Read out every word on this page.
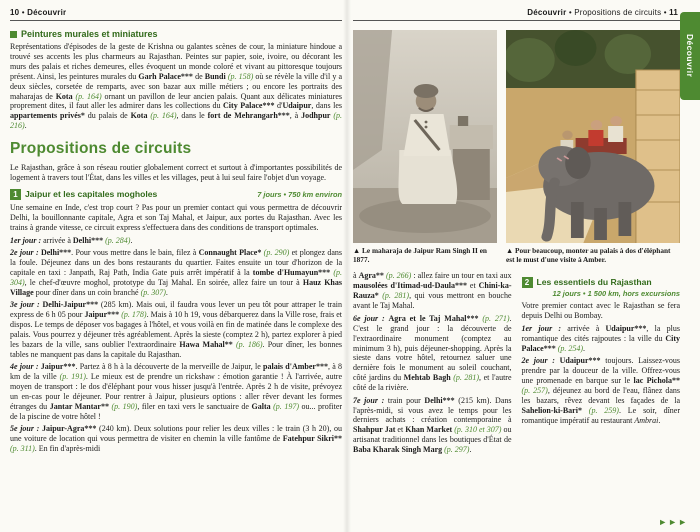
10 • Découvrir
Peintures murales et miniatures

Représentations d'épisodes de la geste de Krishna ou galantes scènes de cour, la miniature hindoue a trouvé ses accents les plus charmeurs au Rajasthan. Peintes sur papier, soie, ivoire, ou décorant les murs des palais et riches demeures, elles évoquent un monde coloré et vivant au pittoresque toujours présent. Ainsi, les peintures murales du Garh Palace*** de Bundi (p. 158) où se révèle la ville d'il y a deux siècles, corsetée de remparts, avec son bazar aux mille métiers ; ou encore les portraits des maharajas de Kota (p. 164) ornant un pavillon de leur ancien palais. Quant aux délicates miniatures proprement dites, il faut aller les admirer dans les collections du City Palace*** d'Udaipur, dans les appartements privés* du palais de Kota (p. 164), dans le fort de Mehrangarh***, à Jodhpur (p. 216).

Propositions de circuits

Le Rajasthan, grâce à son réseau routier globalement correct et surtout à d'importantes possibilités de logement à travers tout l'État, dans les villes et les villages, peut à lui seul faire l'objet d'un voyage.

1 Jaipur et les capitales mogholes	7 jours • 750 km environ

Une semaine en Inde, c'est trop court ? Pas pour un premier contact qui vous permettra de découvrir Delhi, la bouillonnante capitale, Agra et son Taj Mahal, et Jaipur, aux portes du Rajasthan. Avec les trains à grande vitesse, ce circuit express s'effectuera dans des conditions de transport optimales.

1er jour : arrivée à Delhi*** (p. 284).

2e jour : Delhi***. Pour vous mettre dans le bain, filez à Connaught Place* (p. 290) et plongez dans la foule. Déjeunez dans un des bons restaurants du quartier. Faites ensuite un tour d'horizon de la capitale en taxi : Janpath, Raj Path, India Gate puis arrêt impératif à la tombe d'Humayun*** (p. 304), le chef-d'œuvre moghol, prototype du Taj Mahal. En soirée, allez faire un tour à Hauz Khas Village pour dîner dans un coin branché (p. 307).

3e jour : Delhi-Jaipur*** (285 km). Mais oui, il faudra vous lever un peu tôt pour attraper le train express de 6 h 05 pour Jaipur*** (p. 178). Mais à 10 h 19, vous débarquerez dans la Ville rose, frais et dispos. Le temps de déposer vos bagages à l'hôtel, et vous voilà en fin de matinée dans le complexe des palais. Vous pourrez y déjeuner très agréablement. Après la sieste (comptez 2 h), partez explorer à pied les bazars de la ville, sans oublier l'extraordinaire Hawa Mahal** (p. 186). Pour dîner, les bonnes tables ne manquent pas dans la capitale du Rajasthan.

4e jour : Jaipur***. Partez à 8 h à la découverte de la merveille de Jaipur, le palais d'Amber***, à 8 km de la ville (p. 191). Le mieux est de prendre un rickshaw : émotion garantie ! À l'arrivée, autre moyen de transport : le dos d'éléphant pour vous hisser jusqu'à l'entrée. Après 2 h de visite, prévoyez un en-cas pour le déjeuner. Pour rentrer à Jaipur, plusieurs options : aller rêver devant les formes étranges du Jantar Mantar** (p. 190), filer en taxi vers le sanctuaire de Galta (p. 197) ou... profiter de la piscine de votre hôtel !

5e jour : Jaipur-Agra*** (240 km). Deux solutions pour relier les deux villes : le train (3 h 20), ou une voiture de location qui vous permettra de visiter en chemin la ville fantôme de Fatehpur Sikri** (p. 311). En fin d'après-midi

Découvrir • Propositions de circuits • 11
▲ Le maharaja de Jaipur Ram Singh II en 1877.
▲ Pour beaucoup, monter au palais à dos d'éléphant est le must d'une visite à Amber.

à Agra** (p. 266) : allez faire un tour en taxi aux mausolées d'Itimad-ud-Daula*** et Chini-ka-Rauza* (p. 281), qui vous mettront en bouche avant le Taj Mahal.

6e jour : Agra et le Taj Mahal*** (p. 271). C'est le grand jour : la découverte de l'extraordinaire monument (comptez au minimum 3 h), puis déjeuner-shopping. Après la sieste dans votre hôtel, retournez saluer une dernière fois le monument au soleil couchant, côté jardins du Mehtab Bagh (p. 281), et l'autre côté de la rivière.

7e jour : train pour Delhi*** (215 km). Dans l'après-midi, si vous avez le temps pour les derniers achats : création contemporaine à Shahpur Jat et Khan Market (p. 310 et 307) ou artisanat traditionnel dans les boutiques d'État de Baba Kharak Singh Marg (p. 297).

2 Les essentiels du Rajasthan
12 jours • 1 500 km, hors excursions

Votre premier contact avec le Rajasthan se fera depuis Delhi ou Bombay.

1er jour : arrivée à Udaipur***, la plus romantique des cités rajpoutes : la ville du City Palace*** (p. 254).

2e jour : Udaipur*** toujours. Laissez-vous prendre par la douceur de la ville. Offrez-vous une promenade en barque sur le lac Pichola** (p. 257), déjeunez au bord de l'eau, flânez dans les bazars, rêvez devant les façades de la Sahelion-ki-Bari* (p. 259). Le soir, dîner romantique impératif au restaurant Ambrai.

Découvrir
►►►
